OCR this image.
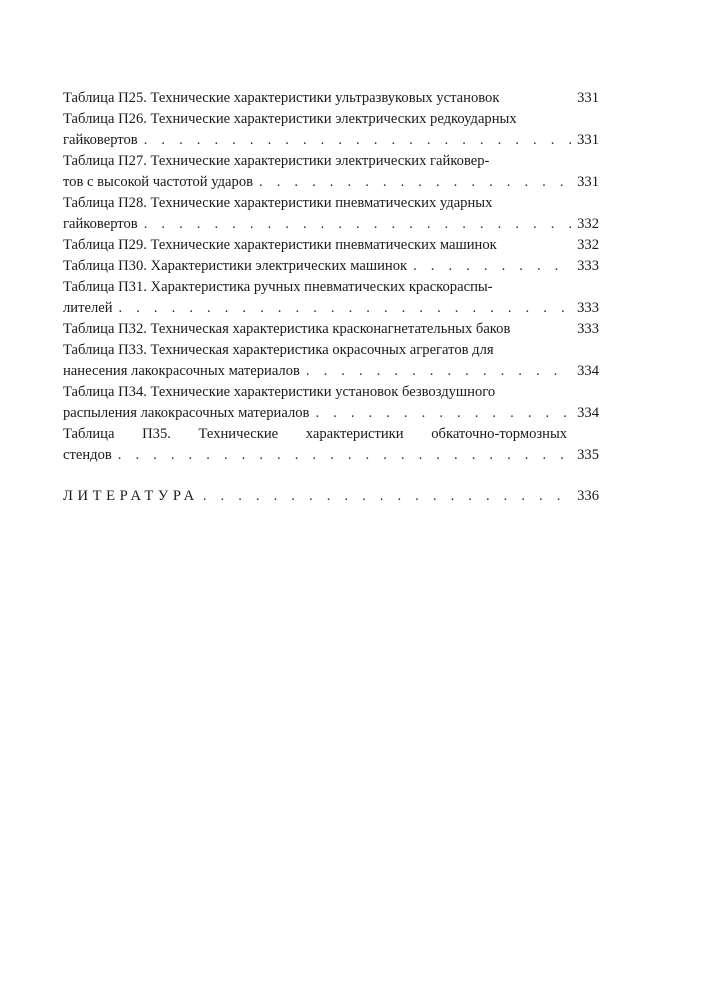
Таблица П25. Технические характеристики ультразвуковых установок	331
Таблица П26. Технические характеристики электрических редкоударных
гайковертов . . .	331
Таблица П27. Технические характеристики электрических гайковер-
тов с высокой частотой ударов . . .	331
Таблица П28. Технические характеристики пневматических ударных
гайковертов . . .	332
Таблица П29. Технические характеристики пневматических машинок	332
Таблица П30. Характеристики электрических машинок . . .	333
Таблица П31. Характеристика ручных пневматических краскораспы-
лителей . . .	333
Таблица П32. Техническая характеристика красконагнетательных баков	333
Таблица П33. Техническая характеристика окрасочных агрегатов для
нанесения лакокрасочных материалов . . .	334
Таблица П34. Технические характеристики установок безвоздушного
распыления лакокрасочных материалов . . .	334
Таблица П35. Технические характеристики обкаточно-тормозных
стендов . . .	335
ЛИТЕРАТУРА . . .	336
